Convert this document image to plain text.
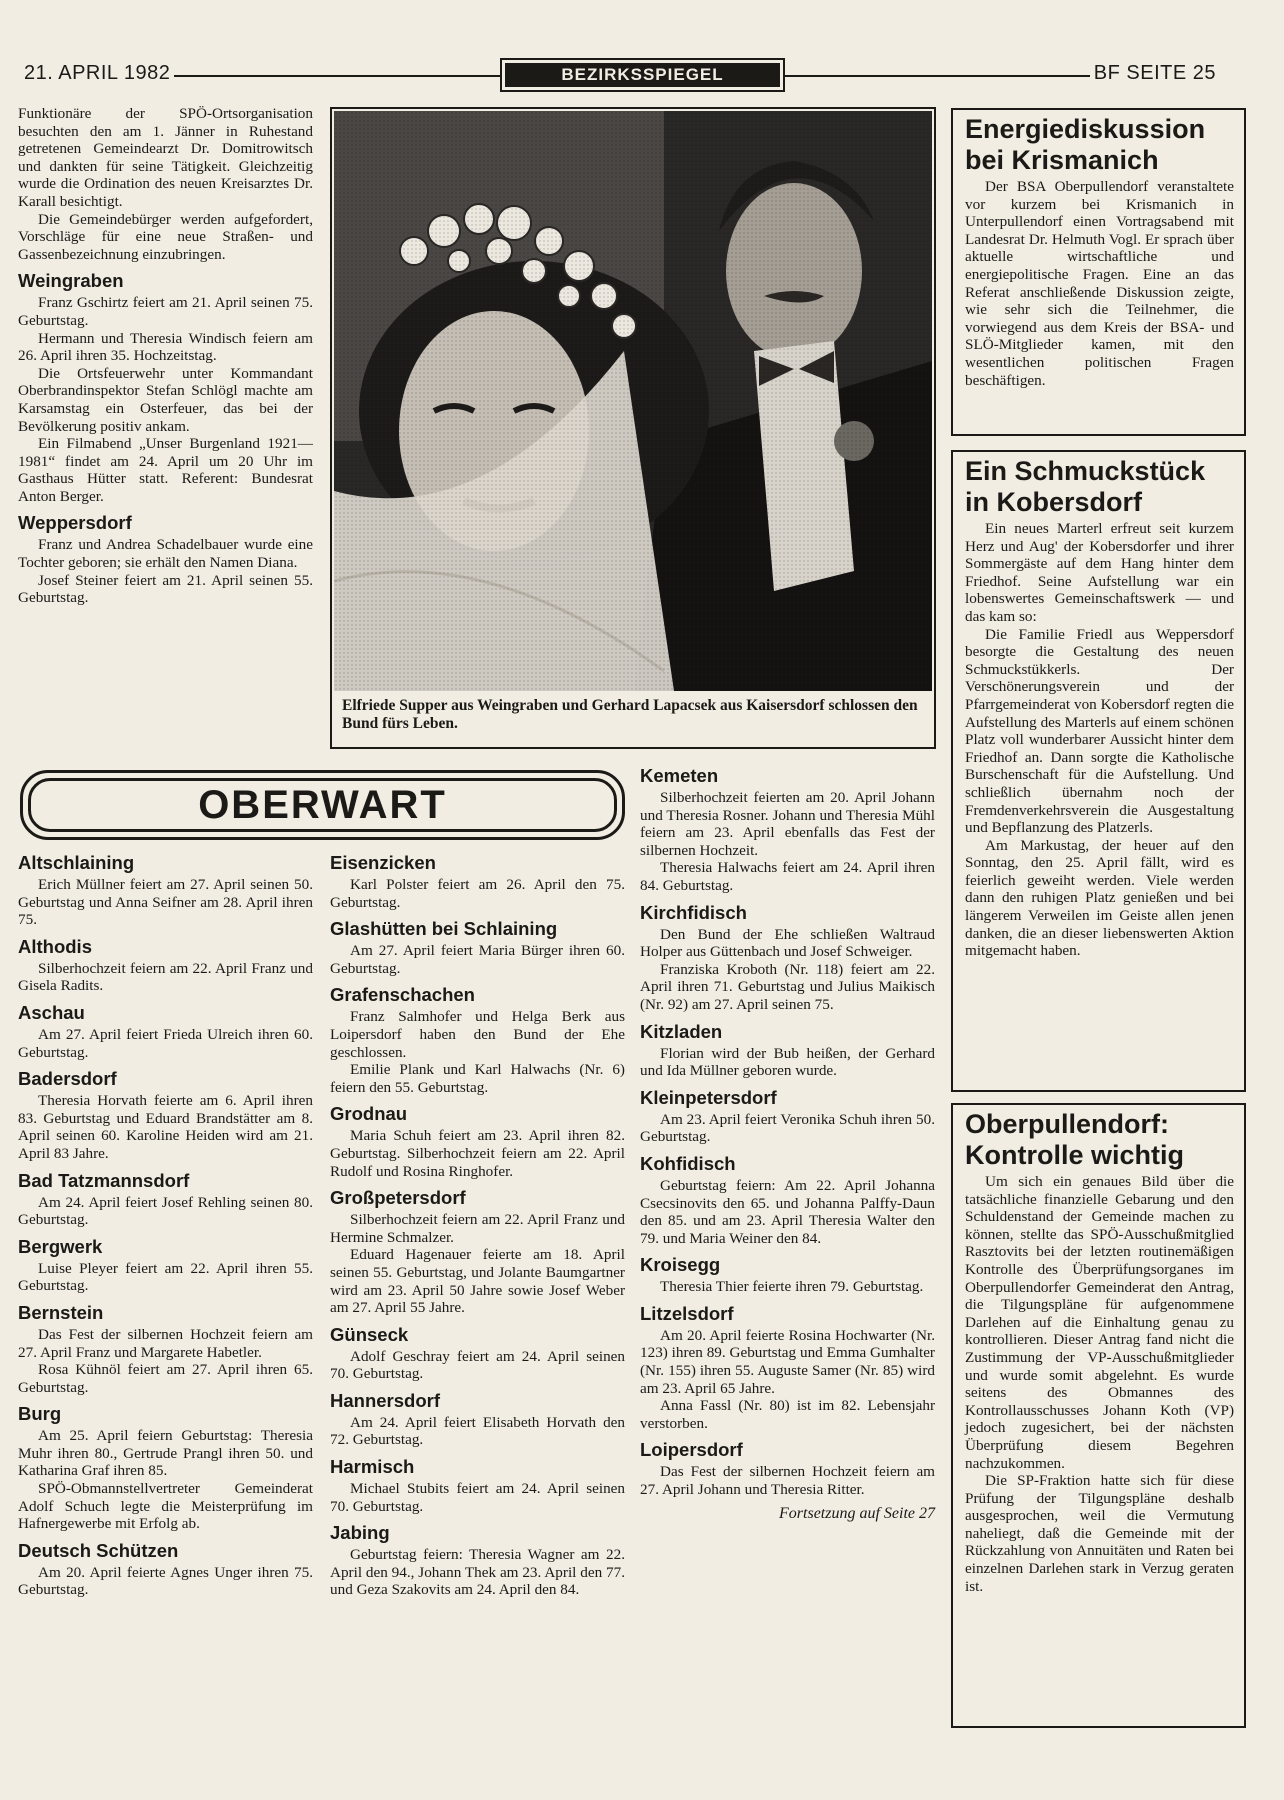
21. APRIL 1982	BEZIRKSSPIEGEL	BF SEITE 25

Funktionäre der SPÖ-Ortsorganisation besuchten den am 1. Jänner in Ruhestand getretenen Gemeindearzt Dr. Domitrowitsch und dankten für seine Tätigkeit. Gleichzeitig wurde die Ordination des neuen Kreisarztes Dr. Karall besichtigt.

Die Gemeindebürger werden aufgefordert, Vorschläge für eine neue Straßen- und Gassenbezeichnung einzubringen.

Weingraben

Franz Gschirtz feiert am 21. April seinen 75. Geburtstag.

Hermann und Theresia Windisch feiern am 26. April ihren 35. Hochzeitstag.

Die Ortsfeuerwehr unter Kommandant Oberbrandinspektor Stefan Schlögl machte am Karsamstag ein Osterfeuer, das bei der Bevölkerung positiv ankam.

Ein Filmabend „Unser Burgenland 1921—1981“ findet am 24. April um 20 Uhr im Gasthaus Hütter statt. Referent: Bundesrat Anton Berger.

Weppersdorf

Franz und Andrea Schadelbauer wurde eine Tochter geboren; sie erhält den Namen Diana.

Josef Steiner feiert am 21. April seinen 55. Geburtstag.

Elfriede Supper aus Weingraben und Gerhard Lapacsek aus Kaisersdorf schlossen den Bund fürs Leben.
Energiediskussion
bei Krismanich

Der BSA Oberpullendorf veranstaltete vor kurzem bei Krismanich in Unterpullendorf einen Vortragsabend mit Landesrat Dr. Helmuth Vogl. Er sprach über aktuelle wirtschaftliche und energiepolitische Fragen. Eine an das Referat anschließende Diskussion zeigte, wie sehr sich die Teilnehmer, die vorwiegend aus dem Kreis der BSA- und SLÖ-Mitglieder kamen, mit den wesentlichen politischen Fragen beschäftigen.

Ein Schmuckstück
in Kobersdorf

Ein neues Marterl erfreut seit kurzem Herz und Aug' der Kobersdorfer und ihrer Sommergäste auf dem Hang hinter dem Friedhof. Seine Aufstellung war ein lobenswertes Gemeinschaftswerk — und das kam so:

Die Familie Friedl aus Weppersdorf besorgte die Gestaltung des neuen Schmuckstükkerls. Der Verschönerungsverein und der Pfarrgemeinderat von Kobersdorf regten die Aufstellung des Marterls auf einem schönen Platz voll wunderbarer Aussicht hinter dem Friedhof an. Dann sorgte die Katholische Burschenschaft für die Aufstellung. Und schließlich übernahm noch der Fremdenverkehrsverein die Ausgestaltung und Bepflanzung des Platzerls.

Am Markustag, der heuer auf den Sonntag, den 25. April fällt, wird es feierlich geweiht werden. Viele werden dann den ruhigen Platz genießen und bei längerem Verweilen im Geiste allen jenen danken, die an dieser liebenswerten Aktion mitgemacht haben.

Oberpullendorf:
Kontrolle wichtig

Um sich ein genaues Bild über die tatsächliche finanzielle Gebarung und den Schuldenstand der Gemeinde machen zu können, stellte das SPÖ-Ausschußmitglied Rasztovits bei der letzten routinemäßigen Kontrolle des Überprüfungsorganes im Oberpullendorfer Gemeinderat den Antrag, die Tilgungspläne für aufgenommene Darlehen auf die Einhaltung genau zu kontrollieren. Dieser Antrag fand nicht die Zustimmung der VP-Ausschußmitglieder und wurde somit abgelehnt. Es wurde seitens des Obmannes des Kontrollausschusses Johann Koth (VP) jedoch zugesichert, bei der nächsten Überprüfung diesem Begehren nachzukommen.

Die SP-Fraktion hatte sich für diese Prüfung der Tilgungspläne deshalb ausgesprochen, weil die Vermutung naheliegt, daß die Gemeinde mit der Rückzahlung von Annuitäten und Raten bei einzelnen Darlehen stark in Verzug geraten ist.

OBERWART
Altschlaining

Erich Müllner feiert am 27. April seinen 50. Geburtstag und Anna Seifner am 28. April ihren 75.

Althodis

Silberhochzeit feiern am 22. April Franz und Gisela Radits.

Aschau

Am 27. April feiert Frieda Ulreich ihren 60. Geburtstag.

Badersdorf

Theresia Horvath feierte am 6. April ihren 83. Geburtstag und Eduard Brandstätter am 8. April seinen 60. Karoline Heiden wird am 21. April 83 Jahre.

Bad Tatzmannsdorf

Am 24. April feiert Josef Rehling seinen 80. Geburtstag.

Bergwerk

Luise Pleyer feiert am 22. April ihren 55. Geburtstag.

Bernstein

Das Fest der silbernen Hochzeit feiern am 27. April Franz und Margarete Habetler.

Rosa Kühnöl feiert am 27. April ihren 65. Geburtstag.

Burg

Am 25. April feiern Geburtstag: Theresia Muhr ihren 80., Gertrude Prangl ihren 50. und Katharina Graf ihren 85.

SPÖ-Obmannstellvertreter Gemeinderat Adolf Schuch legte die Meisterprüfung im Hafnergewerbe mit Erfolg ab.

Deutsch Schützen

Am 20. April feierte Agnes Unger ihren 75. Geburtstag.

Eisenzicken

Karl Polster feiert am 26. April den 75. Geburtstag.

Glashütten bei Schlaining

Am 27. April feiert Maria Bürger ihren 60. Geburtstag.

Grafenschachen

Franz Salmhofer und Helga Berk aus Loipersdorf haben den Bund der Ehe geschlossen.

Emilie Plank und Karl Halwachs (Nr. 6) feiern den 55. Geburtstag.

Grodnau

Maria Schuh feiert am 23. April ihren 82. Geburtstag. Silberhochzeit feiern am 22. April Rudolf und Rosina Ringhofer.

Großpetersdorf

Silberhochzeit feiern am 22. April Franz und Hermine Schmalzer.

Eduard Hagenauer feierte am 18. April seinen 55. Geburtstag, und Jolante Baumgartner wird am 23. April 50 Jahre sowie Josef Weber am 27. April 55 Jahre.

Günseck

Adolf Geschray feiert am 24. April seinen 70. Geburtstag.

Hannersdorf

Am 24. April feiert Elisabeth Horvath den 72. Geburtstag.

Harmisch

Michael Stubits feiert am 24. April seinen 70. Geburtstag.

Jabing

Geburtstag feiern: Theresia Wagner am 22. April den 94., Johann Thek am 23. April den 77. und Geza Szakovits am 24. April den 84.

Kemeten

Silberhochzeit feierten am 20. April Johann und Theresia Rosner. Johann und Theresia Mühl feiern am 23. April ebenfalls das Fest der silbernen Hochzeit.

Theresia Halwachs feiert am 24. April ihren 84. Geburtstag.

Kirchfidisch

Den Bund der Ehe schließen Waltraud Holper aus Güttenbach und Josef Schweiger.

Franziska Kroboth (Nr. 118) feiert am 22. April ihren 71. Geburtstag und Julius Maikisch (Nr. 92) am 27. April seinen 75.

Kitzladen

Florian wird der Bub heißen, der Gerhard und Ida Müllner geboren wurde.

Kleinpetersdorf

Am 23. April feiert Veronika Schuh ihren 50. Geburtstag.

Kohfidisch

Geburtstag feiern: Am 22. April Johanna Csecsinovits den 65. und Johanna Palffy-Daun den 85. und am 23. April Theresia Walter den 79. und Maria Weiner den 84.

Kroisegg

Theresia Thier feierte ihren 79. Geburtstag.

Litzelsdorf

Am 20. April feierte Rosina Hochwarter (Nr. 123) ihren 89. Geburtstag und Emma Gumhalter (Nr. 155) ihren 55. Auguste Samer (Nr. 85) wird am 23. April 65 Jahre.

Anna Fassl (Nr. 80) ist im 82. Lebensjahr verstorben.

Loipersdorf

Das Fest der silbernen Hochzeit feiern am 27. April Johann und Theresia Ritter.

Fortsetzung auf Seite 27
